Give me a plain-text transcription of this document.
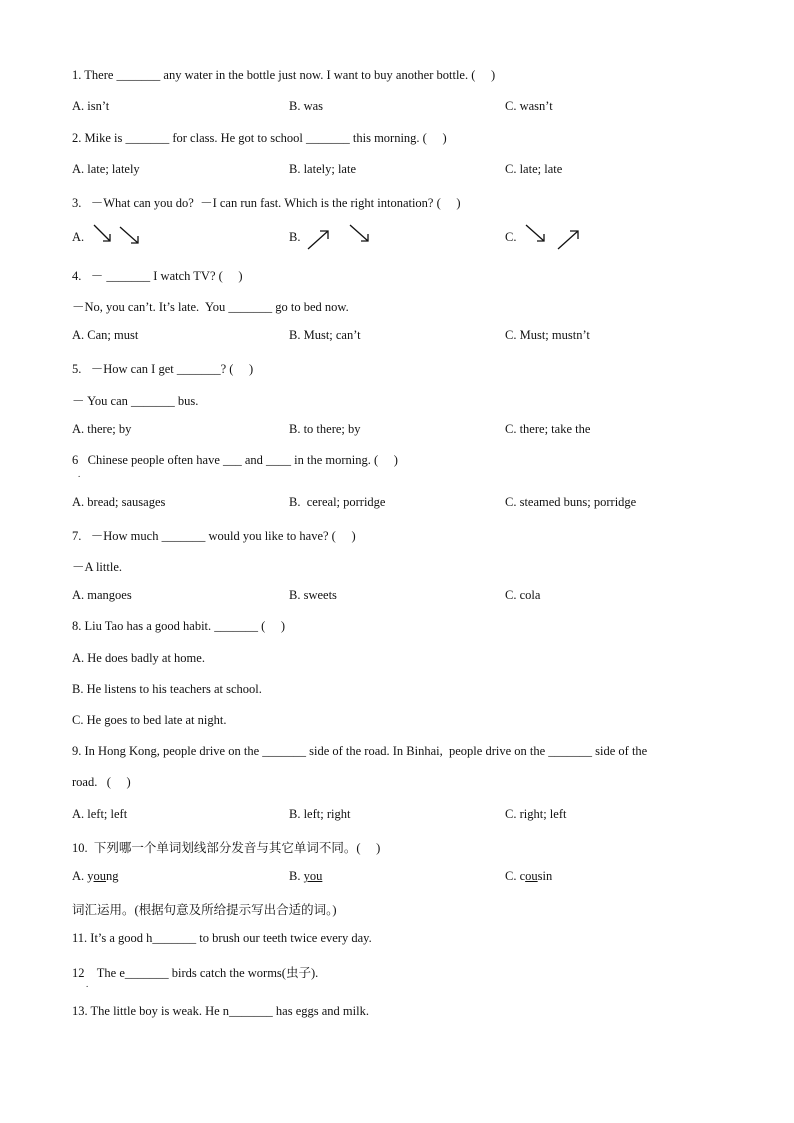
1. There _______ any water in the bottle just now. I want to buy another bottle. (     )
A. isn’t	B. was	C. wasn’t
2. Mike is _______ for class. He got to school _______ this morning. (     )
A. late; lately	B. lately; late	C. late; late
3.   －What can you do?  －I can run fast. Which is the right intonation? (     )
A.	B.	C.
4.   － _______ I watch TV? (     )
－No, you can’t. It’s late.  You _______ go to bed now.
A. Can; must	B. Must; can’t	C. Must; mustn’t
5.   －How can I get _______? (     )
－ You can _______ bus.
A. there; by	B. to there; by	C. there; take the
6   Chinese people often have ___ and ____ in the morning. (     )
.
A. bread; sausages	B.  cereal; porridge	C. steamed buns; porridge
7.   －How much _______ would you like to have? (     )
－A little.
A. mangoes	B. sweets	C. cola
8. Liu Tao has a good habit. _______ (     )
A. He does badly at home.
B. He listens to his teachers at school.
C. He goes to bed late at night.
9. In Hong Kong, people drive on the _______ side of the road. In Binhai,  people drive on the _______ side of the
road.   (     )
A. left; left	B. left; right	C. right; left
10.  下列哪一个单词划线部分发音与其它单词不同。(     )
A. young	B. you	C. cousin
词汇运用。(根据句意及所给提示写出合适的词。)
11. It’s a good h_______ to brush our teeth twice every day.
12    The e_______ birds catch the worms(虫子).
.
13. The little boy is weak. He n_______ has eggs and milk.
